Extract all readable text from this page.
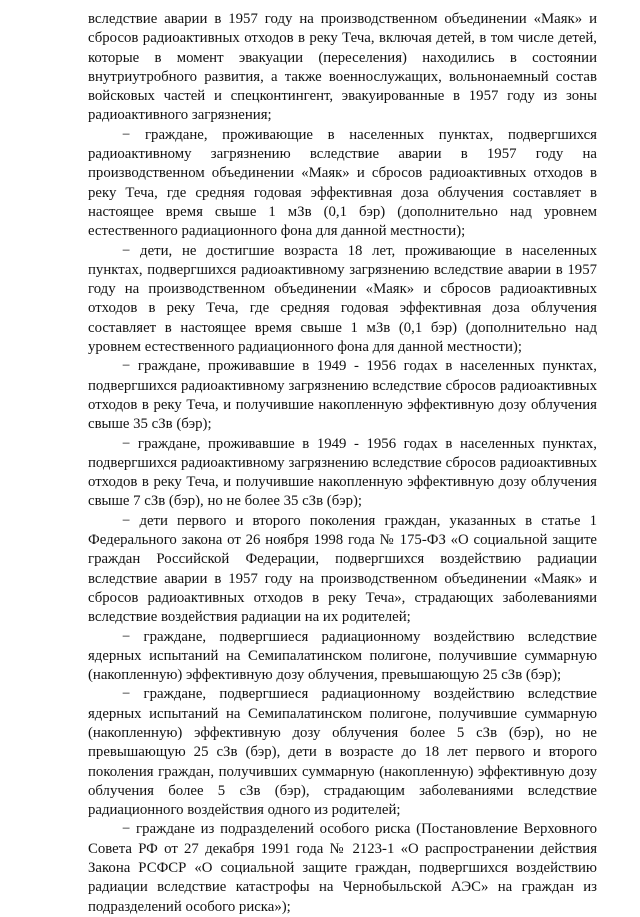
вследствие аварии в 1957 году на производственном объединении «Маяк» и сбросов радиоактивных отходов в реку Теча, включая детей, в том числе детей, которые в момент эвакуации (переселения) находились в состоянии внутриутробного развития, а также военнослужащих, вольнонаемный состав войсковых частей и спецконтингент, эвакуированные в 1957 году из зоны радиоактивного загрязнения;

− граждане, проживающие в населенных пунктах, подвергшихся радиоактивному загрязнению вследствие аварии в 1957 году на производственном объединении «Маяк» и сбросов радиоактивных отходов в реку Теча, где средняя годовая эффективная доза облучения составляет в настоящее время свыше 1 мЗв (0,1 бэр) (дополнительно над уровнем естественного радиационного фона для данной местности);

− дети, не достигшие возраста 18 лет, проживающие в населенных пунктах, подвергшихся радиоактивному загрязнению вследствие аварии в 1957 году на производственном объединении «Маяк» и сбросов радиоактивных отходов в реку Теча, где средняя годовая эффективная доза облучения составляет в настоящее время свыше 1 мЗв (0,1 бэр) (дополнительно над уровнем естественного радиационного фона для данной местности);

− граждане, проживавшие в 1949 - 1956 годах в населенных пунктах, подвергшихся радиоактивному загрязнению вследствие сбросов радиоактивных отходов в реку Теча, и получившие накопленную эффективную дозу облучения свыше 35 сЗв (бэр);

− граждане, проживавшие в 1949 - 1956 годах в населенных пунктах, подвергшихся радиоактивному загрязнению вследствие сбросов радиоактивных отходов в реку Теча, и получившие накопленную эффективную дозу облучения свыше 7 сЗв (бэр), но не более 35 сЗв (бэр);

− дети первого и второго поколения граждан, указанных в статье 1 Федерального закона от 26 ноября 1998 года № 175-ФЗ «О социальной защите граждан Российской Федерации, подвергшихся воздействию радиации вследствие аварии в 1957 году на производственном объединении «Маяк» и сбросов радиоактивных отходов в реку Теча», страдающих заболеваниями вследствие воздействия радиации на их родителей;

− граждане, подвергшиеся радиационному воздействию вследствие ядерных испытаний на Семипалатинском полигоне, получившие суммарную (накопленную) эффективную дозу облучения, превышающую 25 сЗв (бэр);

− граждане, подвергшиеся радиационному воздействию вследствие ядерных испытаний на Семипалатинском полигоне, получившие суммарную (накопленную) эффективную дозу облучения более 5 сЗв (бэр), но не превышающую 25 сЗв (бэр), дети в возрасте до 18 лет первого и второго поколения граждан, получивших суммарную (накопленную) эффективную дозу облучения более 5 сЗв (бэр), страдающим заболеваниями вследствие радиационного воздействия одного из родителей;

− граждане из подразделений особого риска (Постановление Верховного Совета РФ от 27 декабря 1991 года № 2123-1 «О распространении действия Закона РСФСР «О социальной защите граждан, подвергшихся воздействию радиации вследствие катастрофы на Чернобыльской АЭС» на граждан из подразделений особого риска»);
